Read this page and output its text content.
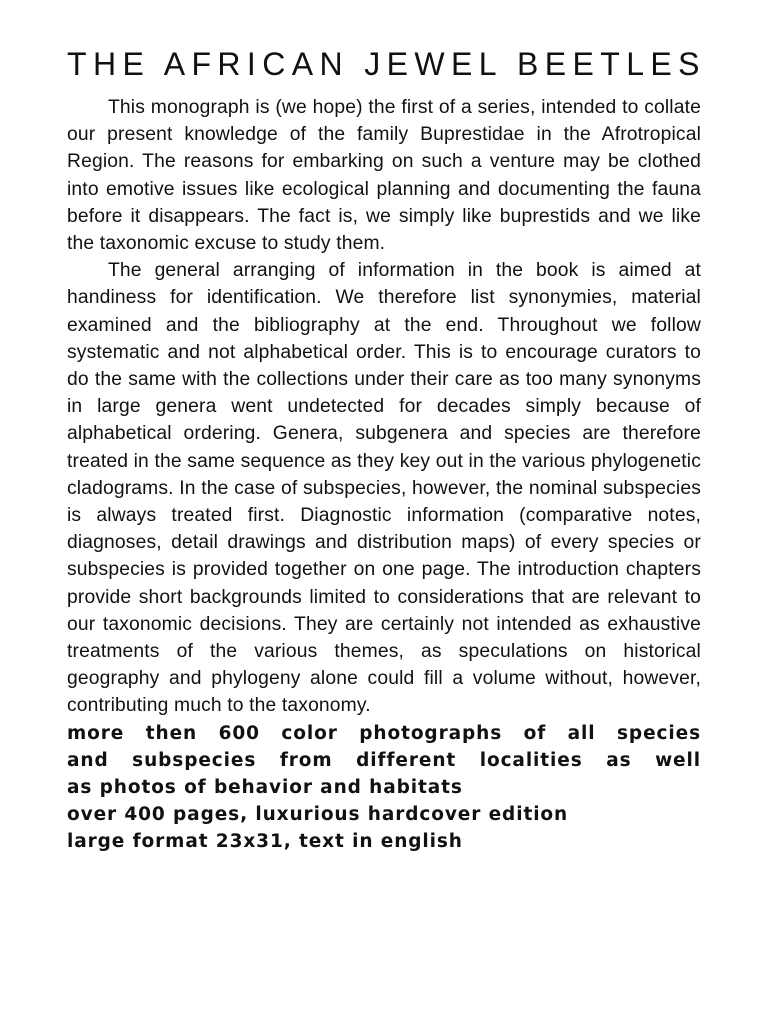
THE AFRICAN JEWEL BEETLES

This monograph is (we hope) the first of a series, intended to collate our present knowledge of the family Buprestidae in the Afrotropical Region. The reasons for embarking on such a venture may be clothed into emotive issues like ecological planning and documenting the fauna before it disappears. The fact is, we simply like buprestids and we like the taxonomic excuse to study them.

The general arranging of information in the book is aimed at handiness for identification. We therefore list synonymies, material examined and the bibliography at the end. Throughout we follow systematic and not alphabetical order. This is to encourage curators to do the same with the collections under their care as too many synonyms in large genera went undetected for decades simply because of alphabetical ordering. Genera, subgenera and species are therefore treated in the same sequence as they key out in the various phylogenetic cladograms. In the case of subspecies, however, the nominal subspecies is always treated first. Diagnostic information (comparative notes, diagnoses, detail drawings and distribution maps) of every species or subspecies is provided together on one page. The introduction chapters provide short backgrounds limited to considerations that are relevant to our taxonomic decisions. They are certainly not intended as exhaustive treatments of the various themes, as speculations on historical geography and phylogeny alone could fill a volume without, however, contributing much to the taxonomy.

more then 600 color photographs of all species
and subspecies from different localities as well
as photos of behavior and habitats
over 400 pages, luxurious hardcover edition
large format 23x31, text in english
